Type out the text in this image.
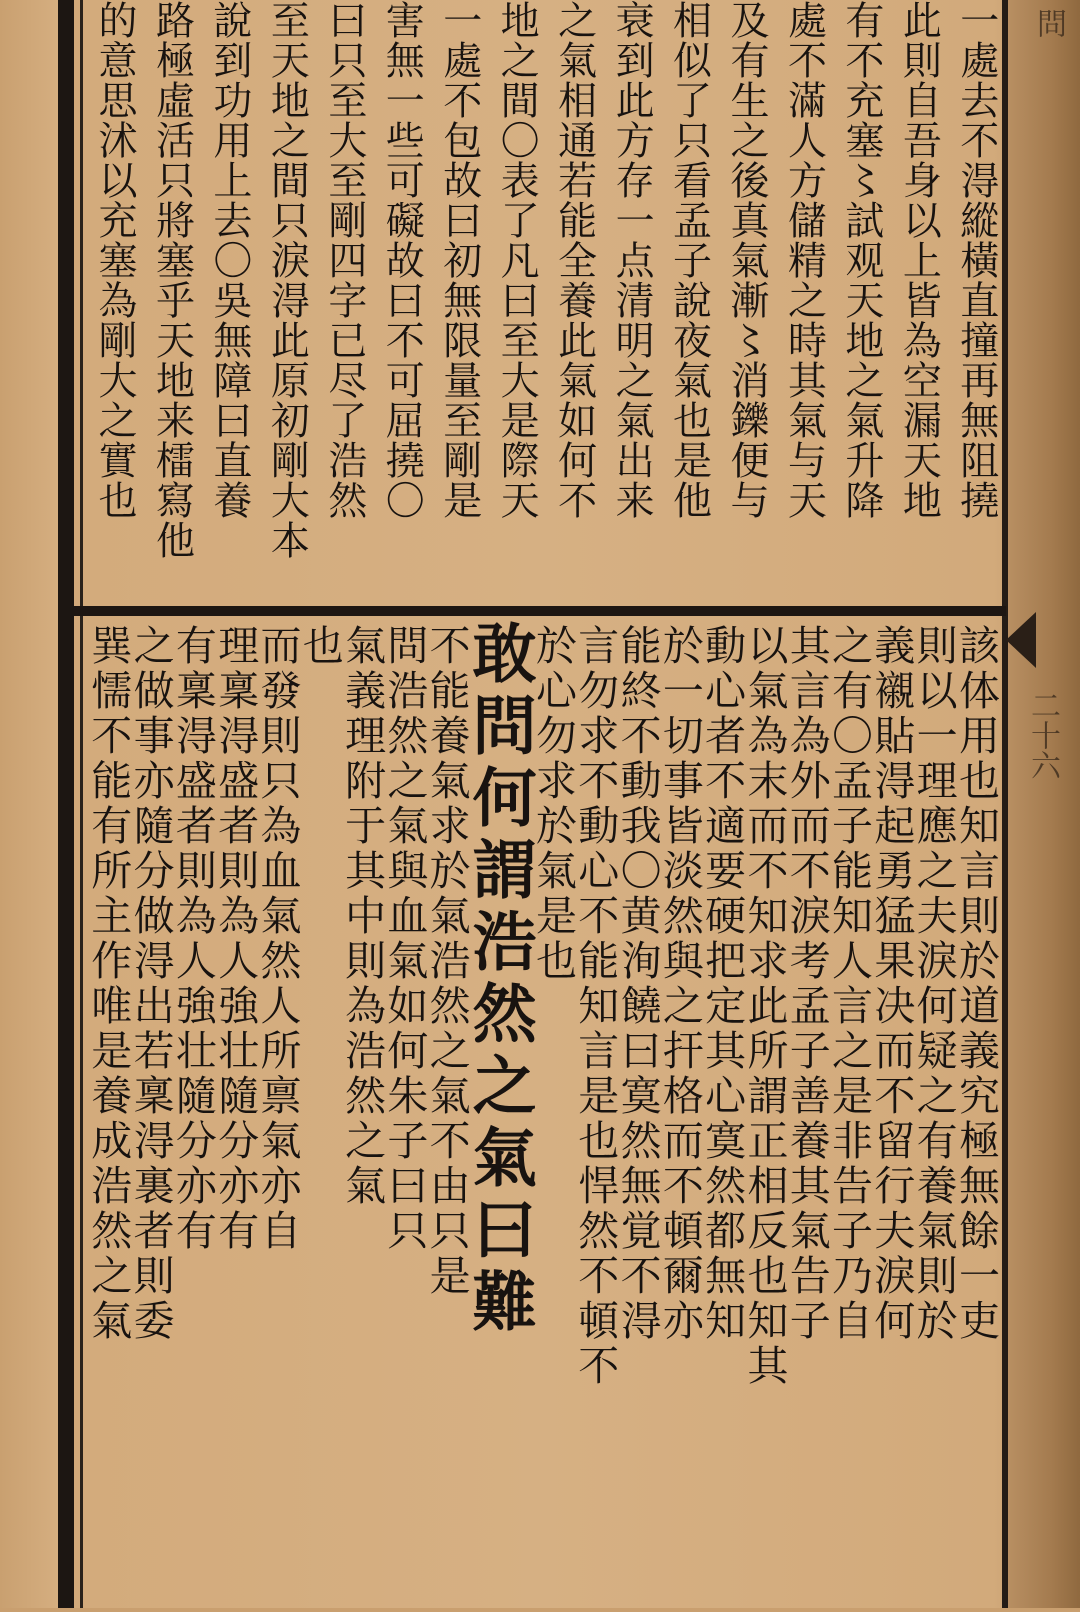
問
二十六
一處去不淂縱橫直撞再無阻撓
此則自吾身以上皆為空漏天地
有不充塞〻試观天地之氣升降
處不滿人方儲精之時其氣与天
及有生之後真氣漸〻消鑠便与
相似了只看孟子說夜氣也是他
衰到此方存一点清明之氣出来
之氣相通若能全養此氣如何不
地之間〇表了凡曰至大是際天
一處不包故曰初無限量至剛是
害無一些可礙故曰不可屈撓〇
曰只至大至剛四字已尽了浩然
至天地之間只淚淂此原初剛大本
說到功用上去〇吳無障曰直養
路極虛活只將塞乎天地来檑寫他
的意思沭以充塞為剛大之實也
該体用也知言則於道義究極無餘一吏
則以一理應之夫淚何疑之有養氣則於
義襯貼淂起勇猛果决而不留行夫淚何
之有〇孟子能知人言之是非告子乃自
其言為外而不淚考孟子善養其氣告子
以氣為末而不知求此所謂正相反也知其
動心者不適要硬把定其心寞然都無知
於一切事皆淡然與之扞格而不頓爾亦
能終不動我〇黄洵饒曰寞然無覚不淂
言勿求不動心不能知言是也悍然不頓不
於心勿求於氣是也
敢問何謂浩然之氣曰難
不能養氣求於氣浩然之氣不由只是
問浩然之氣與血氣如何朱子曰只
氣義理附于其中則為浩然之氣
也
而發則只為血氣然人所禀氣亦自
理稟淂盛者則為人強壮隨分亦有
有稟淂盛者則為人強壮隨分亦有
之做事亦隨分做淂出若稟淂裏者則委
巽懦不能有所主作唯是養成浩然之氣
